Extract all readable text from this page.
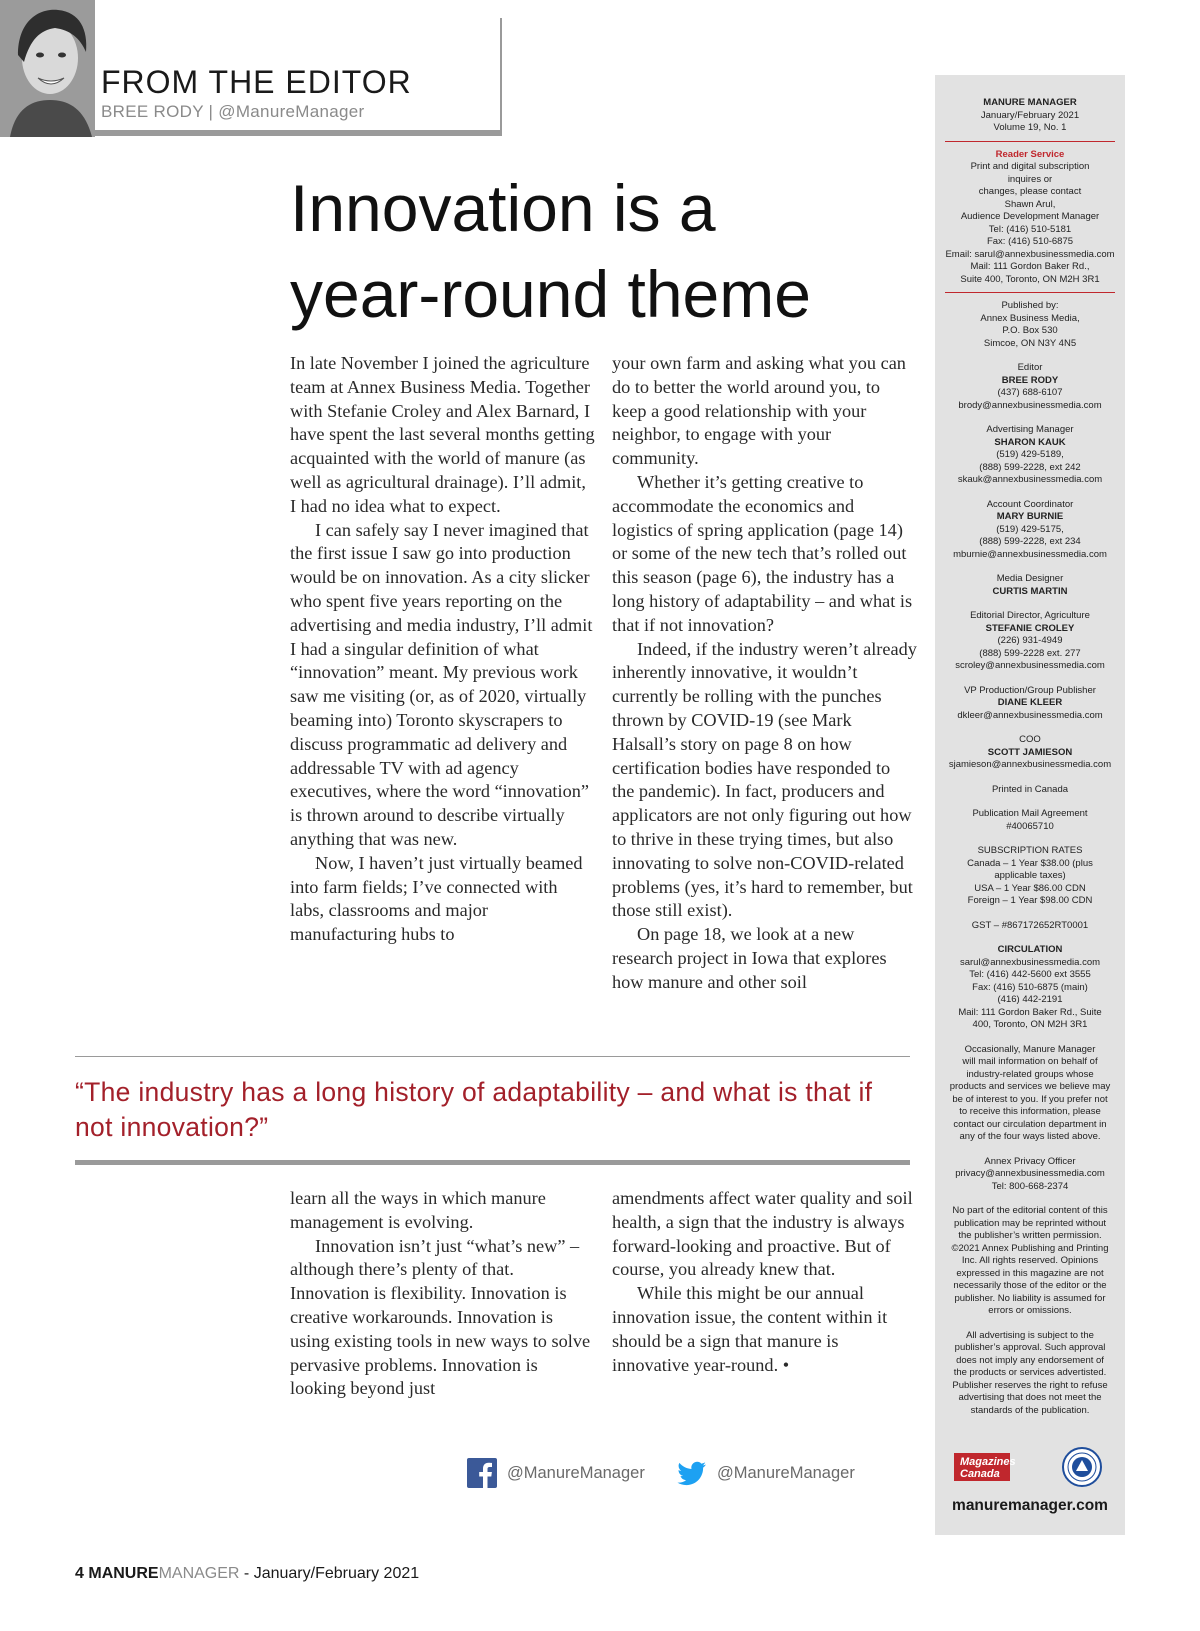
FROM THE EDITOR
BREE RODY | @ManureManager
Innovation is a
year-round theme

In late November I joined the agriculture team at Annex Business Media. Together with Stefanie Croley and Alex Barnard, I have spent the last several months getting acquainted with the world of manure (as well as agricultural drainage). I’ll admit, I had no idea what to expect.

I can safely say I never imagined that the first issue I saw go into production would be on innovation. As a city slicker who spent five years reporting on the advertising and media industry, I’ll admit I had a singular definition of what “innovation” meant. My previous work saw me visiting (or, as of 2020, virtually beaming into) Toronto skyscrapers to discuss programmatic ad delivery and addressable TV with ad agency executives, where the word “innovation” is thrown around to describe virtually anything that was new.

Now, I haven’t just virtually beamed into farm fields; I’ve connected with labs, classrooms and major manufacturing hubs to

your own farm and asking what you can do to better the world around you, to keep a good relationship with your neighbor, to engage with your community.

Whether it’s getting creative to accommodate the economics and logistics of spring application (page 14) or some of the new tech that’s rolled out this season (page 6), the industry has a long history of adaptability – and what is that if not innovation?

Indeed, if the industry weren’t already inherently innovative, it wouldn’t currently be rolling with the punches thrown by COVID-19 (see Mark Halsall’s story on page 8 on how certification bodies have responded to the pandemic). In fact, producers and applicators are not only figuring out how to thrive in these trying times, but also innovating to solve non-COVID-related problems (yes, it’s hard to remember, but those still exist).

On page 18, we look at a new research project in Iowa that explores how manure and other soil

“The industry has a long history of adaptability – and what is that if not innovation?”

learn all the ways in which manure management is evolving.

Innovation isn’t just “what’s new” – although there’s plenty of that. Innovation is flexibility. Innovation is creative workarounds. Innovation is using existing tools in new ways to solve pervasive problems. Innovation is looking beyond just

amendments affect water quality and soil health, a sign that the industry is always forward-looking and proactive. But of course, you already knew that.

While this might be our annual innovation issue, the content within it should be a sign that manure is innovative year-round. •

@ManureManager	@ManureManager
4 MANUREMANAGER - January/February 2021
MANURE MANAGER
January/February 2021
Volume 19, No. 1
Reader Service
Print and digital subscription
inquires or
changes, please contact
Shawn Arul,
Audience Development Manager
Tel: (416) 510-5181
Fax: (416) 510-6875
Email: sarul@annexbusinessmedia.com
Mail: 111 Gordon Baker Rd.,
Suite 400, Toronto, ON M2H 3R1
Published by:
Annex Business Media,
P.O. Box 530
Simcoe, ON N3Y 4N5
Editor
BREE RODY
(437) 688-6107
brody@annexbusinessmedia.com
Advertising Manager
SHARON KAUK
(519) 429-5189,
(888) 599-2228, ext 242
skauk@annexbusinessmedia.com
Account Coordinator
MARY BURNIE
(519) 429-5175,
(888) 599-2228, ext 234
mburnie@annexbusinessmedia.com
Media Designer
CURTIS MARTIN
Editorial Director, Agriculture
STEFANIE CROLEY
(226) 931-4949
(888) 599-2228 ext. 277
scroley@annexbusinessmedia.com
VP Production/Group Publisher
DIANE KLEER
dkleer@annexbusinessmedia.com
COO
SCOTT JAMIESON
sjamieson@annexbusinessmedia.com
Printed in Canada
Publication Mail Agreement
#40065710
SUBSCRIPTION RATES
Canada – 1 Year $38.00 (plus
applicable taxes)
USA – 1 Year $86.00 CDN
Foreign – 1 Year $98.00 CDN
GST – #867172652RT0001
CIRCULATION
sarul@annexbusinessmedia.com
Tel: (416) 442-5600 ext 3555
Fax: (416) 510-6875 (main)
(416) 442-2191
Mail: 111 Gordon Baker Rd., Suite
400, Toronto, ON M2H 3R1
Occasionally, Manure Manager
will mail information on behalf of
industry-related groups whose
products and services we believe may
be of interest to you. If you prefer not
to receive this information, please
contact our circulation department in
any of the four ways listed above.
Annex Privacy Officer
privacy@annexbusinessmedia.com
Tel: 800-668-2374
No part of the editorial content of this
publication may be reprinted without
the publisher’s written permission.
©2021 Annex Publishing and Printing
Inc. All rights reserved. Opinions
expressed in this magazine are not
necessarily those of the editor or the
publisher. No liability is assumed for
errors or omissions.
All advertising is subject to the
publisher’s approval. Such approval
does not imply any endorsement of
the products or services advertisted.
Publisher reserves the right to refuse
advertising that does not meet the
standards of the publication.
Magazines Canada
manuremanager.com
